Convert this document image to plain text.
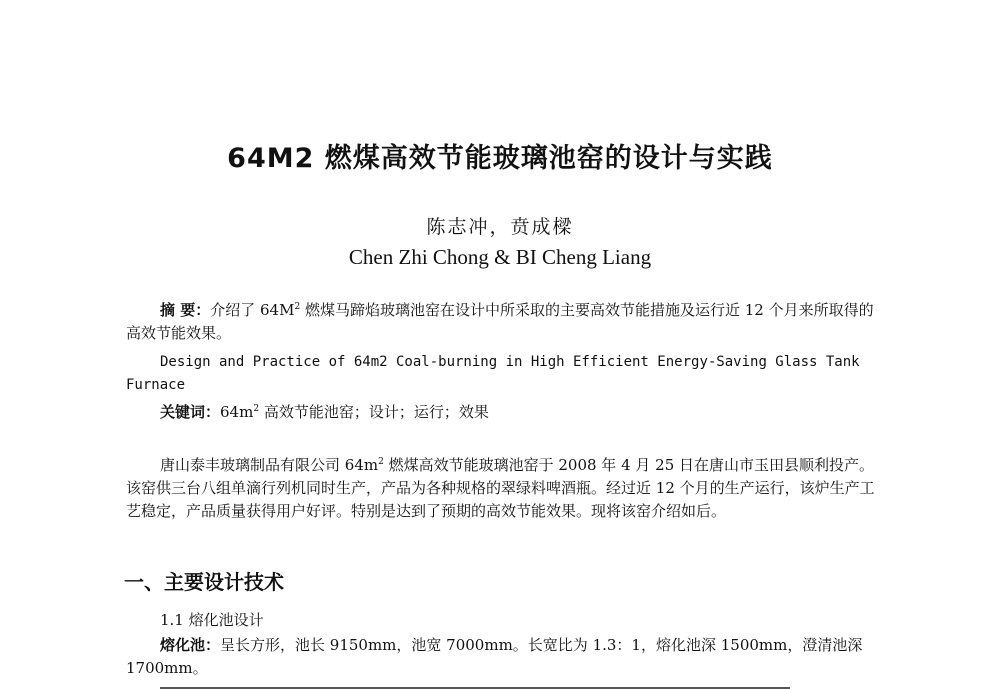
64M2 燃煤高效节能玻璃池窑的设计与实践
陈志冲，贲成樑
Chen Zhi Chong & BI Cheng Liang
摘 要：介绍了 $64M^2$ 燃煤马蹄焰玻璃池窑在设计中所采取的主要高效节能措施及运行近 12 个月来所取得的高效节能效果。
Design and Practice of 64m2 Coal-burning in High Efficient Energy-Saving Glass Tank Furnace
关键词：$64m^2$ 高效节能池窑；设计；运行；效果
唐山泰丰玻璃制品有限公司 $64m^2$ 燃煤高效节能玻璃池窑于 2008 年 4 月 25 日在唐山市玉田县顺利投产。该窑供三台八组单滴行列机同时生产，产品为各种规格的翠绿料啤酒瓶。经过近 12 个月的生产运行，该炉生产工艺稳定，产品质量获得用户好评。特别是达到了预期的高效节能效果。现将该窑介绍如后。
一、主要设计技术
1.1 熔化池设计
熔化池：呈长方形，池长 9150mm，池宽 7000mm。长宽比为 1.3：1，熔化池深 1500mm，澄清池深 1700mm。
